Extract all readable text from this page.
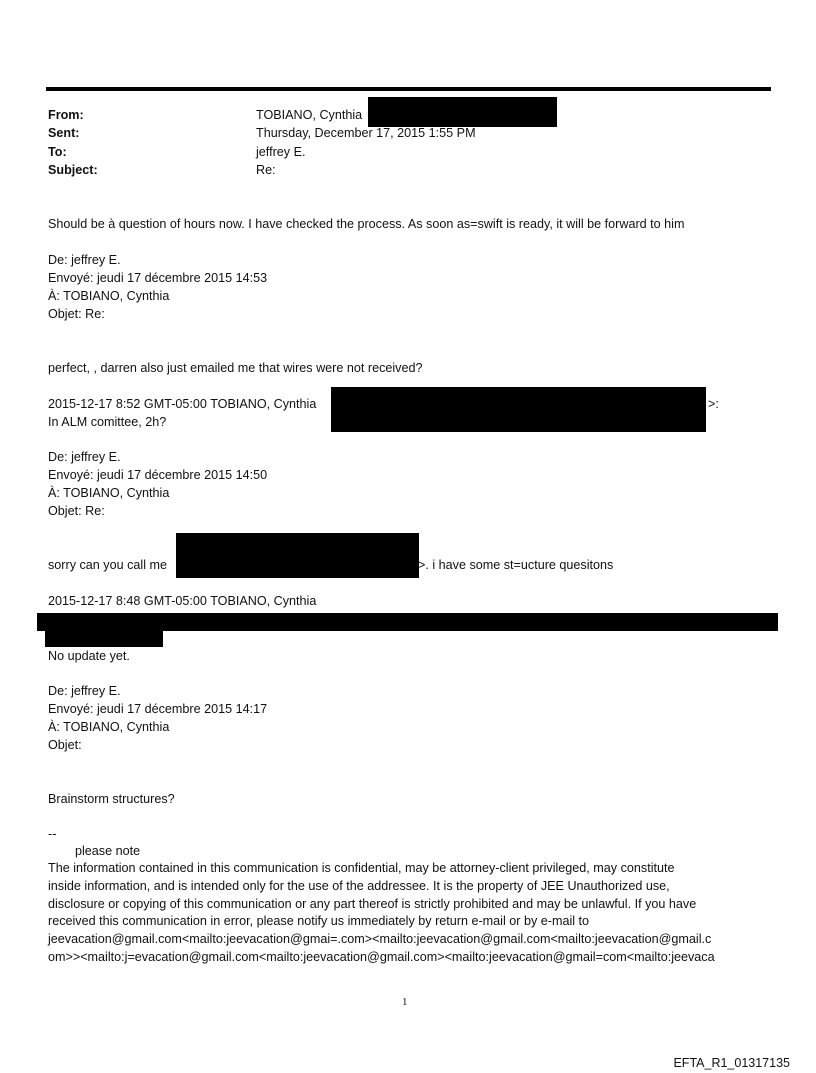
From:	TOBIANO, Cynthia
Sent:	Thursday, December 17, 2015 1:55 PM
To:	jeffrey E.
Subject:	Re:
Should be à question of hours now. I have checked the process. As soon as=swift is ready, it will be forward to him
De: jeffrey E.
Envoyé: jeudi 17 décembre 2015 14:53
À: TOBIANO, Cynthia
Objet: Re:
perfect, , darren also just emailed me that wires were not received?
2015-12-17 8:52 GMT-05:00 TOBIANO, Cynthia	>:
In ALM comittee, 2h?
De: jeffrey E.
Envoyé: jeudi 17 décembre 2015 14:50
À: TOBIANO, Cynthia
Objet: Re:
sorry can you call me	>. i have some st=ucture quesitons
2015-12-17 8:48 GMT-05:00 TOBIANO, Cynthia
No update yet.
De: jeffrey E.
Envoyé: jeudi 17 décembre 2015 14:17
À: TOBIANO, Cynthia
Objet:
Brainstorm structures?
--
please note
The information contained in this communication is confidential, may be attorney-client privileged, may constitute
inside information, and is intended only for the use of the addressee. It is the property of JEE Unauthorized use,
disclosure or copying of this communication or any part thereof is strictly prohibited and may be unlawful. If you have
received this communication in error, please notify us immediately by return e-mail or by e-mail to
jeevacation@gmail.com<mailto:jeevacation@gmai=.com><mailto:jeevacation@gmail.com<mailto:jeevacation@gmail.c
om>><mailto:j=evacation@gmail.com<mailto:jeevacation@gmail.com><mailto:jeevacation@gmail=com<mailto:jeevaca
1
EFTA_R1_01317135
